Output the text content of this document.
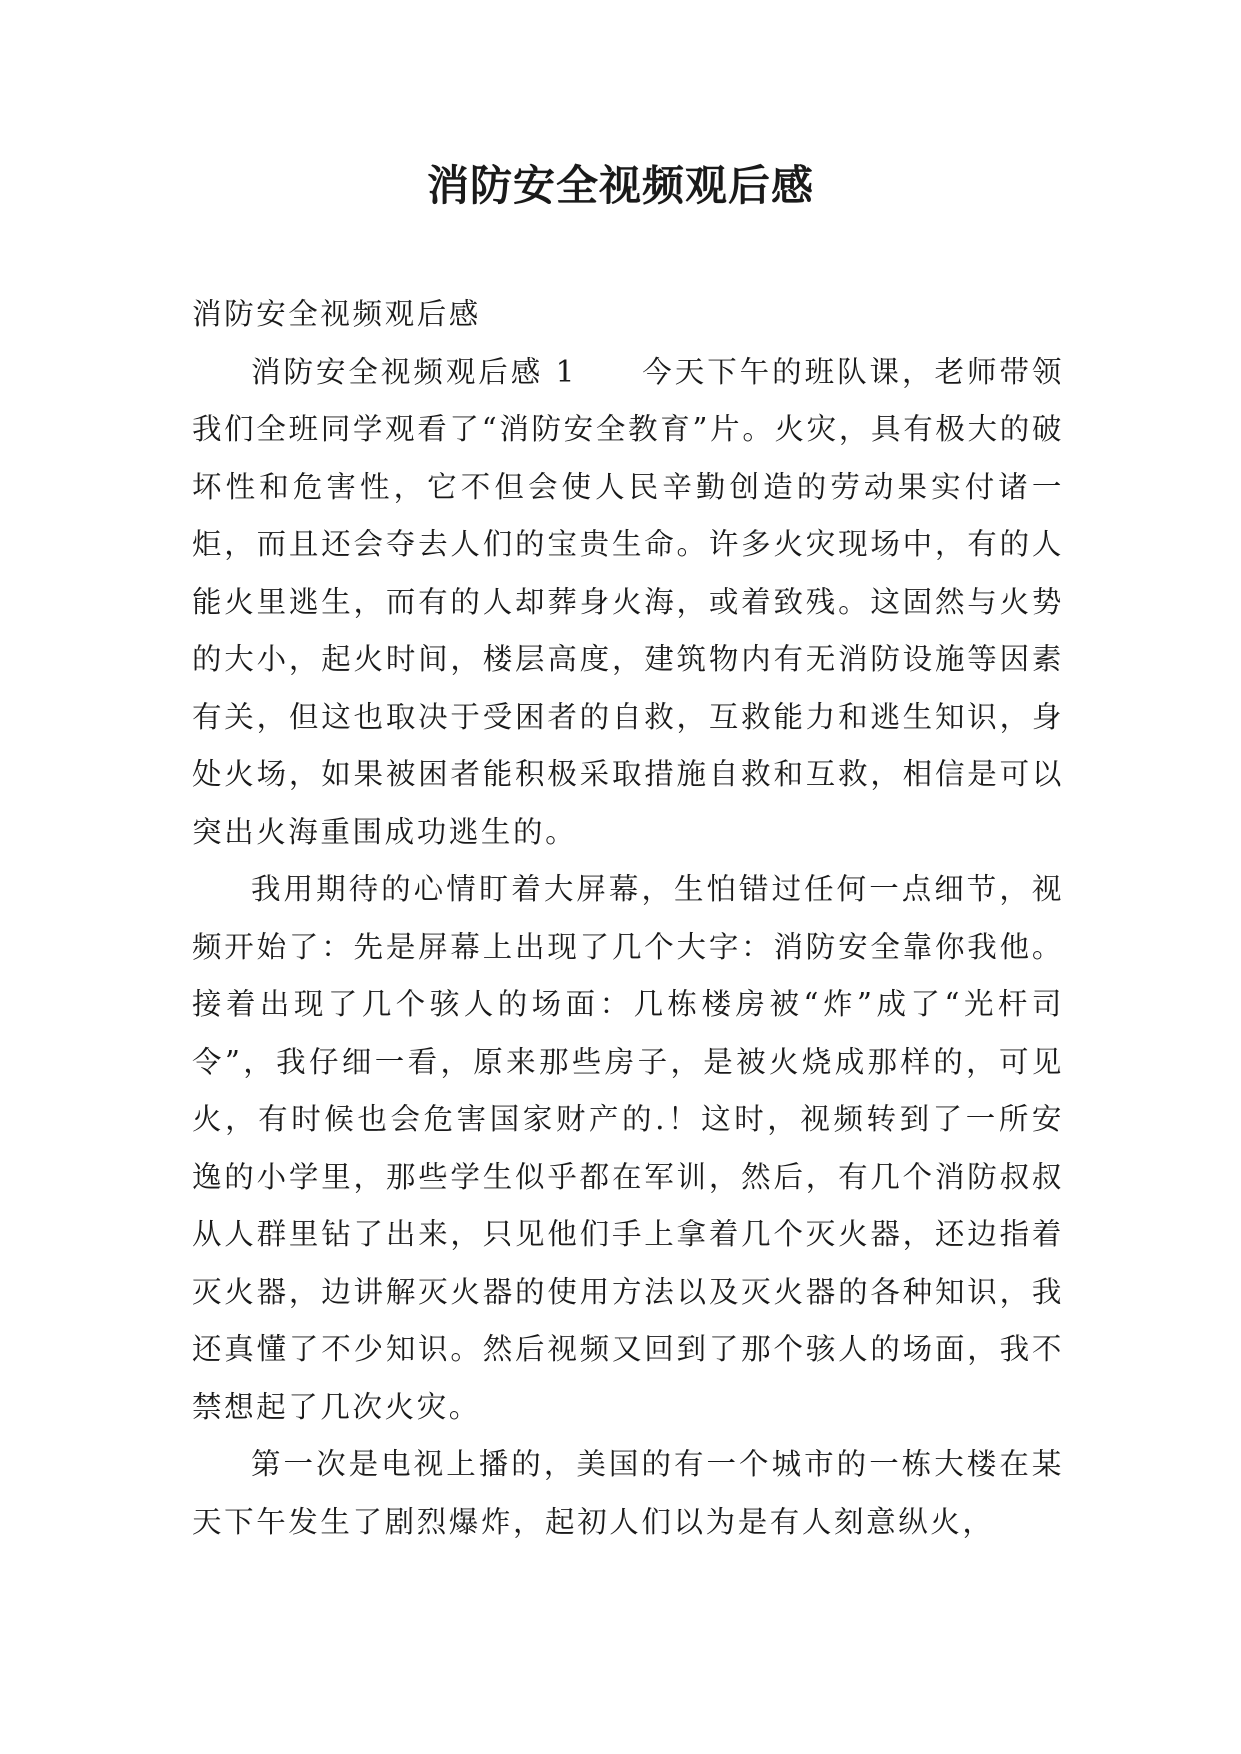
消防安全视频观后感

消防安全视频观后感

消防安全视频观后感 1　　今天下午的班队课，老师带领我们全班同学观看了“消防安全教育”片。火灾，具有极大的破坏性和危害性，它不但会使人民辛勤创造的劳动果实付诸一炬，而且还会夺去人们的宝贵生命。许多火灾现场中，有的人能火里逃生，而有的人却葬身火海，或着致残。这固然与火势的大小，起火时间，楼层高度，建筑物内有无消防设施等因素有关，但这也取决于受困者的自救，互救能力和逃生知识，身处火场，如果被困者能积极采取措施自救和互救，相信是可以突出火海重围成功逃生的。

我用期待的心情盯着大屏幕，生怕错过任何一点细节，视频开始了：先是屏幕上出现了几个大字：消防安全靠你我他。接着出现了几个骇人的场面：几栋楼房被“炸”成了“光杆司令”，我仔细一看，原来那些房子，是被火烧成那样的，可见火，有时候也会危害国家财产的.！这时，视频转到了一所安逸的小学里，那些学生似乎都在军训，然后，有几个消防叔叔从人群里钻了出来，只见他们手上拿着几个灭火器，还边指着灭火器，边讲解灭火器的使用方法以及灭火器的各种知识，我还真懂了不少知识。然后视频又回到了那个骇人的场面，我不禁想起了几次火灾。

第一次是电视上播的，美国的有一个城市的一栋大楼在某天下午发生了剧烈爆炸，起初人们以为是有人刻意纵火，
